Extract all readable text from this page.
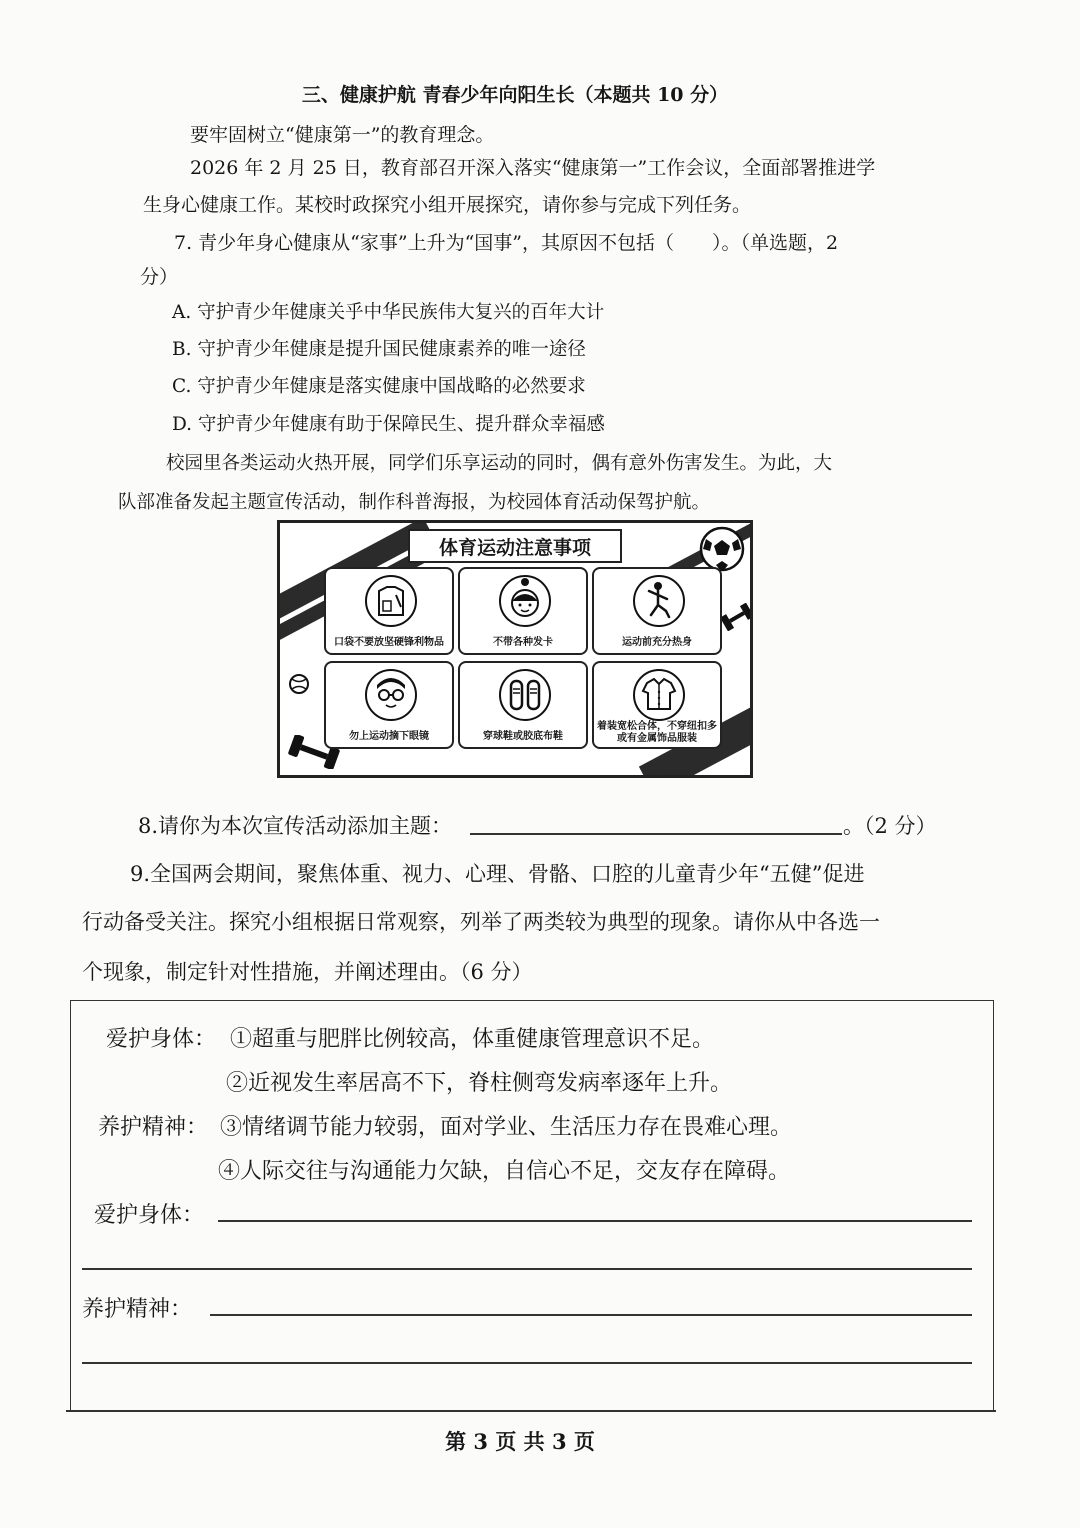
三、健康护航 青春少年向阳生长（本题共 10 分）
要牢固树立“健康第一”的教育理念。
2026 年 2 月 25 日，教育部召开深入落实“健康第一”工作会议，全面部署推进学
生身心健康工作。某校时政探究小组开展探究，请你参与完成下列任务。
7. 青少年身心健康从“家事”上升为“国事”，其原因不包括（　　）。（单选题，2
分）
A. 守护青少年健康关乎中华民族伟大复兴的百年大计
B. 守护青少年健康是提升国民健康素养的唯一途径
C. 守护青少年健康是落实健康中国战略的必然要求
D. 守护青少年健康有助于保障民生、提升群众幸福感
校园里各类运动火热开展，同学们乐享运动的同时，偶有意外伤害发生。为此，大
队部准备发起主题宣传活动，制作科普海报，为校园体育活动保驾护航。
体育运动注意事项
口袋不要放坚硬锋利物品	不带各种发卡	运动前充分热身
勿上运动摘下眼镜	穿球鞋或胶底布鞋
着装宽松合体，不穿纽扣多或有金属饰品服装
8.请你为本次宣传活动添加主题：	。（2 分）
9.全国两会期间，聚焦体重、视力、心理、骨骼、口腔的儿童青少年“五健”促进
行动备受关注。探究小组根据日常观察，列举了两类较为典型的现象。请你从中各选一
个现象，制定针对性措施，并阐述理由。（6 分）
爱护身体： ①超重与肥胖比例较高，体重健康管理意识不足。
②近视发生率居高不下，脊柱侧弯发病率逐年上升。
养护精神： ③情绪调节能力较弱，面对学业、生活压力存在畏难心理。
④人际交往与沟通能力欠缺，自信心不足，交友存在障碍。
爱护身体：
养护精神：
第 3 页 共 3 页
